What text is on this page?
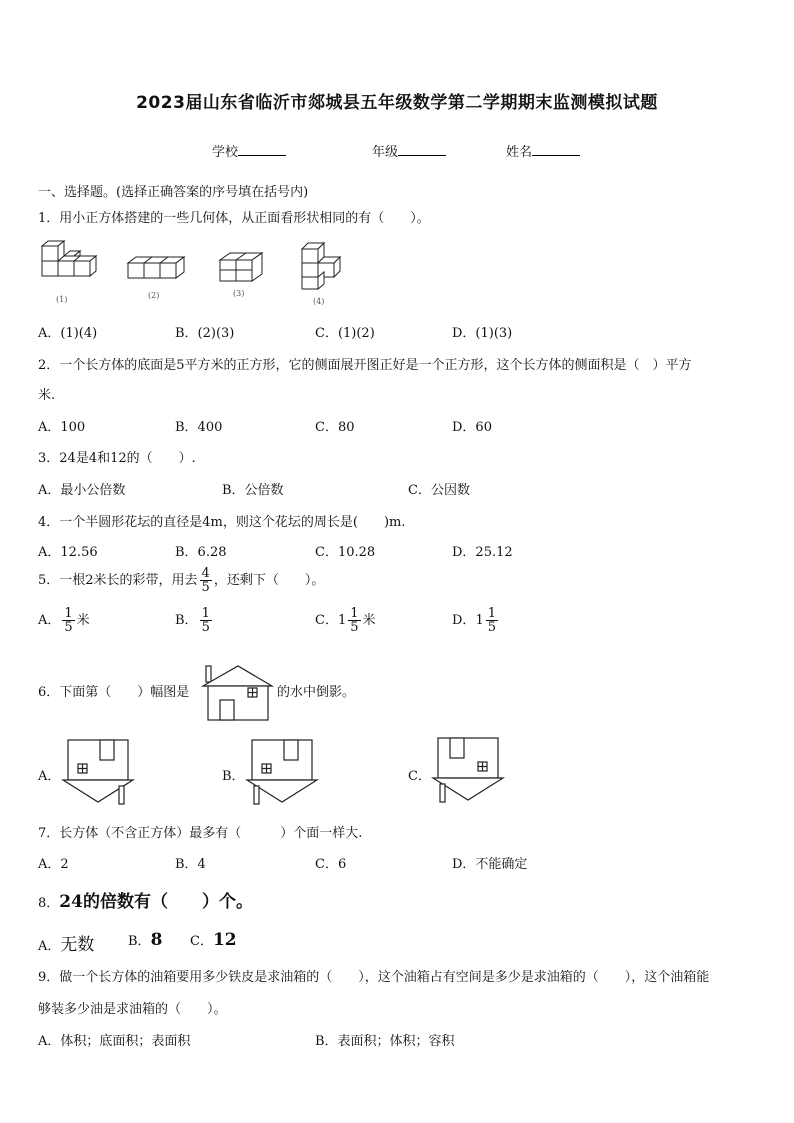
2023届山东省临沂市郯城县五年级数学第二学期期末监测模拟试题
学校	年级	姓名
一、选择题。(选择正确答案的序号填在括号内)
1．用小正方体搭建的一些几何体，从正面看形状相同的有（　　）。
(1)	(2)	(3)
(4)
A．(1)(4)	B．(2)(3)	C．(1)(2)	D．(1)(3)
2．一个长方体的底面是5平方米的正方形，它的侧面展开图正好是一个正方形，这个长方体的侧面积是（　）平方
米.
A．100	B．400	C．80	D．60
3．24是4和12的（　　）.
A．最小公倍数	B．公倍数	C．公因数
4．一个半圆形花坛的直径是4m，则这个花坛的周长是(　　)m.
A．12.56	B．6.28	C．10.28	D．25.12
5．一根2米长的彩带，用去 $\frac{4}{5}$ ，还剩下（　　）。
A． $\frac{1}{5}$ 米	B． $\frac{1}{5}$	C．$1 \frac{1}{5}$ 米	D．$1 \frac{1}{5}$
6．下面第（　　）幅图是	的水中倒影。
A．	B．	C．
7．长方体（不含正方体）最多有（　　　）个面一样大.
A．2	B．4	C．6	D．不能确定
8．24的倍数有（　　）个。
A．无数	B．8 C．12
9．做一个长方体的油箱要用多少铁皮是求油箱的（　　），这个油箱占有空间是多少是求油箱的（　　），这个油箱能
够装多少油是求油箱的（　　）。
A．体积；底面积；表面积	B．表面积；体积；容积
